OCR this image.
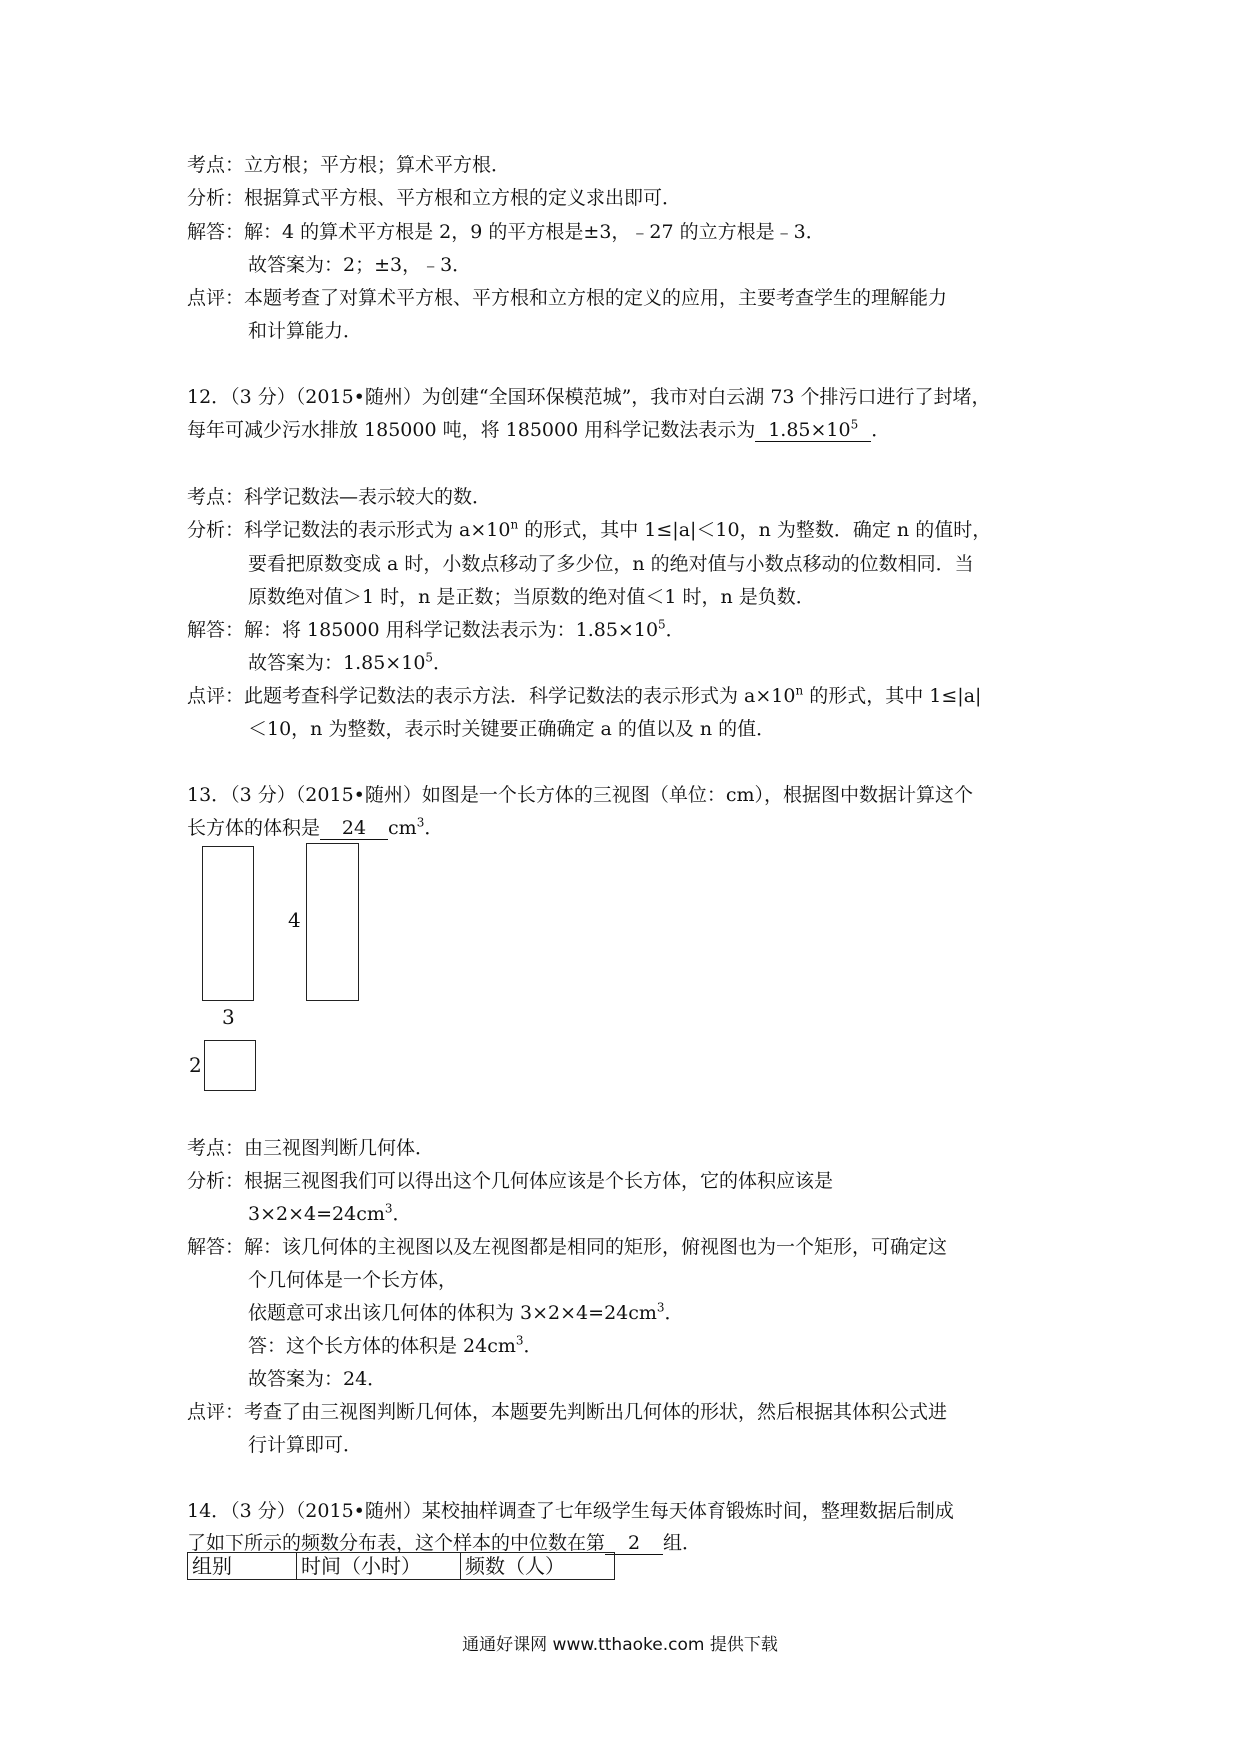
考点：立方根；平方根；算术平方根．
分析：根据算式平方根、平方根和立方根的定义求出即可．
解答：解：4 的算术平方根是 2，9 的平方根是±3，﹣27 的立方根是﹣3．
故答案为：2；±3，﹣3．
点评：本题考查了对算术平方根、平方根和立方根的定义的应用，主要考查学生的理解能力
和计算能力．
12．（3 分）（2015•随州）为创建“全国环保模范城”，我市对白云湖 73 个排污口进行了封堵，
每年可减少污水排放 185000 吨，将 185000 用科学记数法表示为 $1.85\times 10^5$ ．
考点：科学记数法—表示较大的数．
分析：科学记数法的表示形式为 $a\times 10^n$ 的形式，其中 1≤|a|＜10，n 为整数．确定 n 的值时，
要看把原数变成 a 时，小数点移动了多少位，n 的绝对值与小数点移动的位数相同．当
原数绝对值＞1 时，n 是正数；当原数的绝对值＜1 时，n 是负数．
解答：解：将 185000 用科学记数法表示为：$1.85\times 10^5$．
故答案为：$1.85\times 10^5$．
点评：此题考查科学记数法的表示方法．科学记数法的表示形式为 $a\times 10^n$ 的形式，其中 1≤|a|
＜10，n 为整数，表示时关键要正确确定 a 的值以及 n 的值．
13．（3 分）（2015•随州）如图是一个长方体的三视图（单位：cm），根据图中数据计算这个
长方体的体积是 24 $cm^3$．
4
3
2
考点：由三视图判断几何体．
分析：根据三视图我们可以得出这个几何体应该是个长方体，它的体积应该是
$3\times 2\times 4=24cm^3$．
解答：解：该几何体的主视图以及左视图都是相同的矩形，俯视图也为一个矩形，可确定这
个几何体是一个长方体，
依题意可求出该几何体的体积为 $3\times 2\times 4=24cm^3$．
答：这个长方体的体积是 $24cm^3$．
故答案为：24．
点评：考查了由三视图判断几何体，本题要先判断出几何体的形状，然后根据其体积公式进
行计算即可．
14．（3 分）（2015•随州）某校抽样调查了七年级学生每天体育锻炼时间，整理数据后制成
了如下所示的频数分布表，这个样本的中位数在第 2 组．
组别	时间（小时）	频数（人）
通通好课网 www.tthaoke.com 提供下载
